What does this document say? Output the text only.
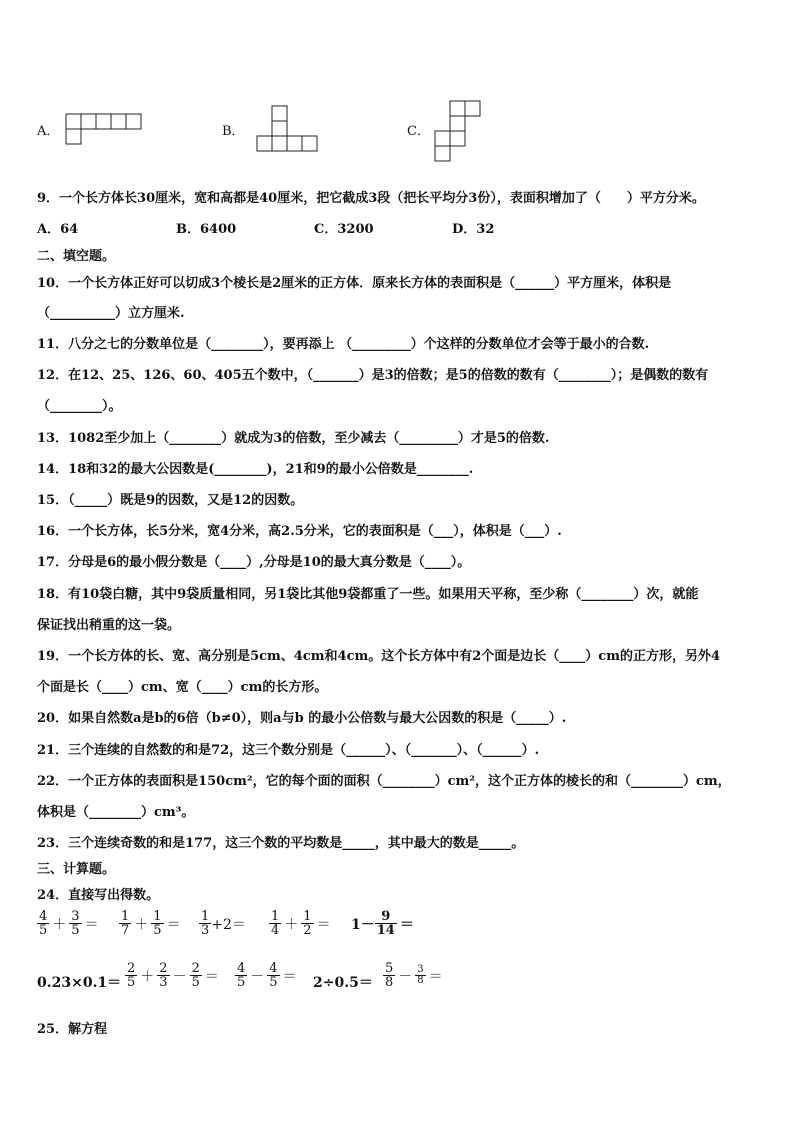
A．	B．	C．
9．一个长方体长30厘米，宽和高都是40厘米，把它截成3段（把长平均分3份），表面积增加了（　　）平方分米。
A．64	B．6400	C．3200	D．32
二、填空题。
10．一个长方体正好可以切成3个棱长是2厘米的正方体．原来长方体的表面积是（______）平方厘米，体积是
（__________）立方厘米.
11．八分之七的分数单位是（________），要再添上 （_________）个这样的分数单位才会等于最小的合数.
12．在12、25、126、60、405五个数中，（_______）是3的倍数；是5的倍数的数有（________）；是偶数的数有
（________）。
13．1082至少加上（________）就成为3的倍数，至少减去（_________）才是5的倍数.
14．18和32的最大公因数是(________)，21和9的最小公倍数是________.
15．（_____）既是9的因数，又是12的因数。
16．一个长方体，长5分米，宽4分米，高2.5分米，它的表面积是（___），体积是（___）.
17．分母是6的最小假分数是（____）,分母是10的最大真分数是（____）。
18．有10袋白糖，其中9袋质量相同，另1袋比其他9袋都重了一些。如果用天平称，至少称（________）次，就能
保证找出稍重的这一袋。
19．一个长方体的长、宽、高分别是5cm、4cm和4cm。这个长方体中有2个面是边长（____）cm的正方形，另外4
个面是长（____）cm、宽（____）cm的长方形。
20．如果自然数a是b的6倍（b≠0），则a与b 的最小公倍数与最大公因数的积是（_____）.
21．三个连续的自然数的和是72，这三个数分别是（______）、（_______）、（______）.
22．一个正方体的表面积是150cm²，它的每个面的面积（________）cm²，这个正方体的棱长的和（________）cm，
体积是（________）cm³。
23．三个连续奇数的和是177，这三个数的平均数是_____，其中最大的数是_____。
三、计算题。
24．直接写出得数。
$\frac{4}{5} + \frac{3}{5} = \frac{1}{7} + \frac{1}{5} = \frac{1}{3} +2= \frac{1}{4} + \frac{1}{2} = 1- \frac{9}{14}$ ＝
$0.23\times 0.1= \frac{2}{5} + \frac{2}{3} - \frac{2}{5} = \frac{4}{5} - \frac{4}{5} = 2\div 0.5= \frac{5}{8} - \frac{3}{8}$ ＝
25．解方程
